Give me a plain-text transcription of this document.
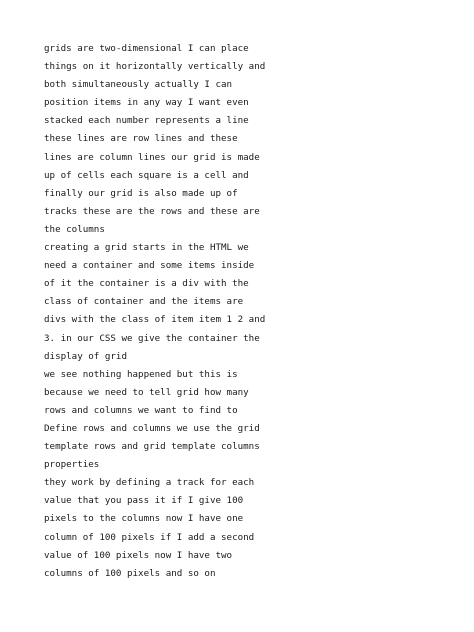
grids are two-dimensional I can place
things on it horizontally vertically and
both simultaneously actually I can
position items in any way I want even
stacked each number represents a line
these lines are row lines and these
lines are column lines our grid is made
up of cells each square is a cell and
finally our grid is also made up of
tracks these are the rows and these are
the columns
creating a grid starts in the HTML we
need a container and some items inside
of it the container is a div with the
class of container and the items are
divs with the class of item item 1 2 and
3. in our CSS we give the container the
display of grid
we see nothing happened but this is
because we need to tell grid how many
rows and columns we want to find to
Define rows and columns we use the grid
template rows and grid template columns
properties
they work by defining a track for each
value that you pass it if I give 100
pixels to the columns now I have one
column of 100 pixels if I add a second
value of 100 pixels now I have two
columns of 100 pixels and so on
